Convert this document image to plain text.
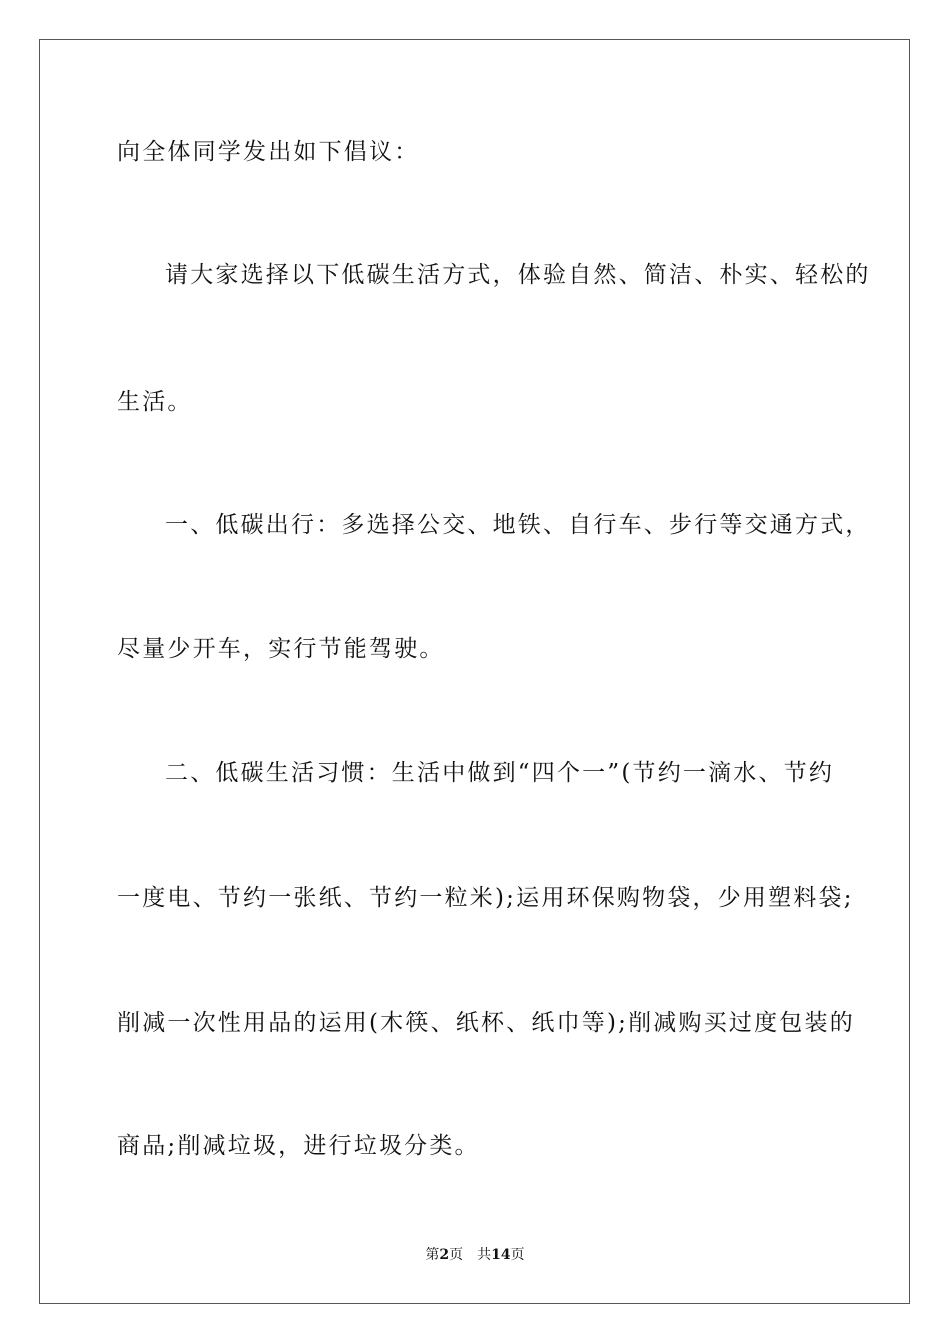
向全体同学发出如下倡议：
请大家选择以下低碳生活方式，体验自然、简洁、朴实、轻松的
生活。
一、低碳出行：多选择公交、地铁、自行车、步行等交通方式，
尽量少开车，实行节能驾驶。
二、低碳生活习惯：生活中做到“四个一”(节约一滴水、节约
一度电、节约一张纸、节约一粒米);运用环保购物袋，少用塑料袋;
削减一次性用品的运用(木筷、纸杯、纸巾等);削减购买过度包装的
商品;削减垃圾，进行垃圾分类。
第2页 共14页
